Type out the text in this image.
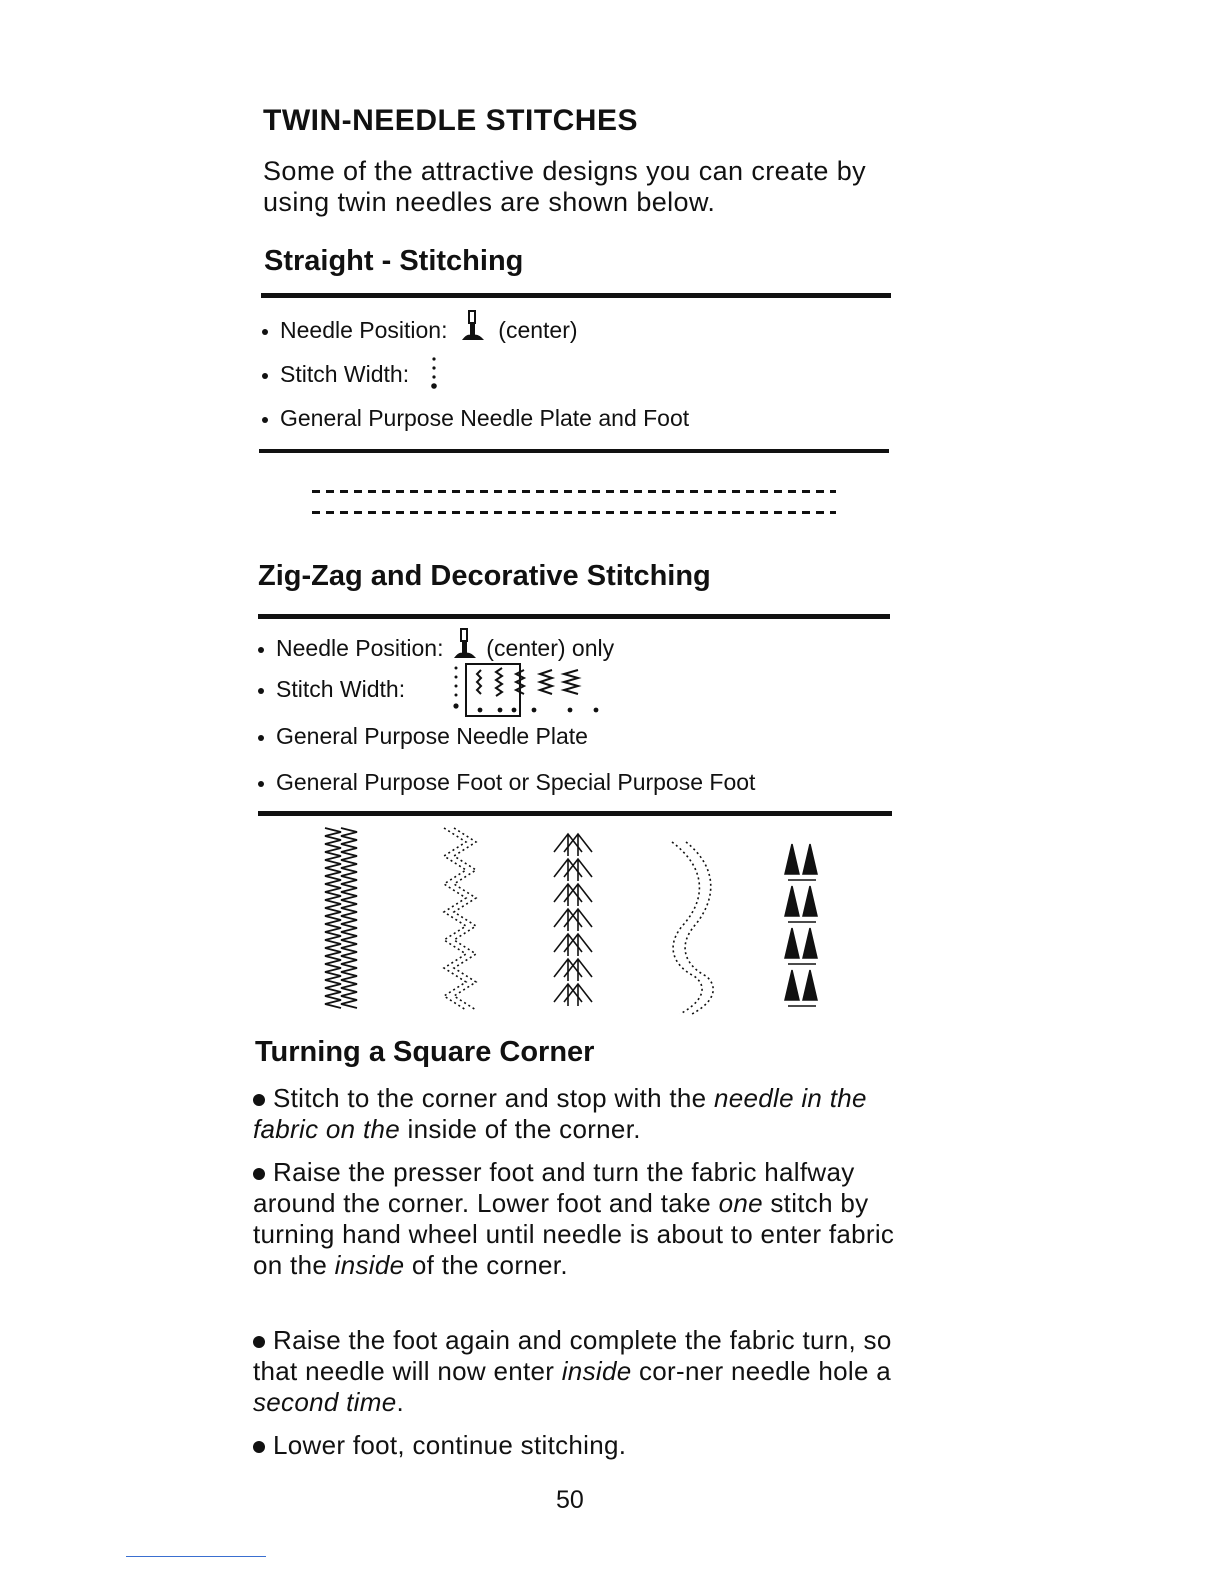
TWIN-NEEDLE STITCHES
Some of the attractive designs you can create by using twin needles are shown below.
Straight - Stitching
Needle Position: (center)
Stitch Width:
General Purpose Needle Plate and Foot
Zig-Zag and Decorative Stitching
Needle Position: (center) only
Stitch Width:
General Purpose Needle Plate
General Purpose Foot or Special Purpose Foot
Turning a Square Corner
Stitch to the corner and stop with the needle in the fabric on the inside of the corner.
Raise the presser foot and turn the fabric halfway around the corner. Lower foot and take one stitch by turning hand wheel until needle is about to enter fabric on the inside of the corner.
Raise the foot again and complete the fabric turn, so that needle will now enter inside cor-ner needle hole a second time.
Lower foot, continue stitching.
50
